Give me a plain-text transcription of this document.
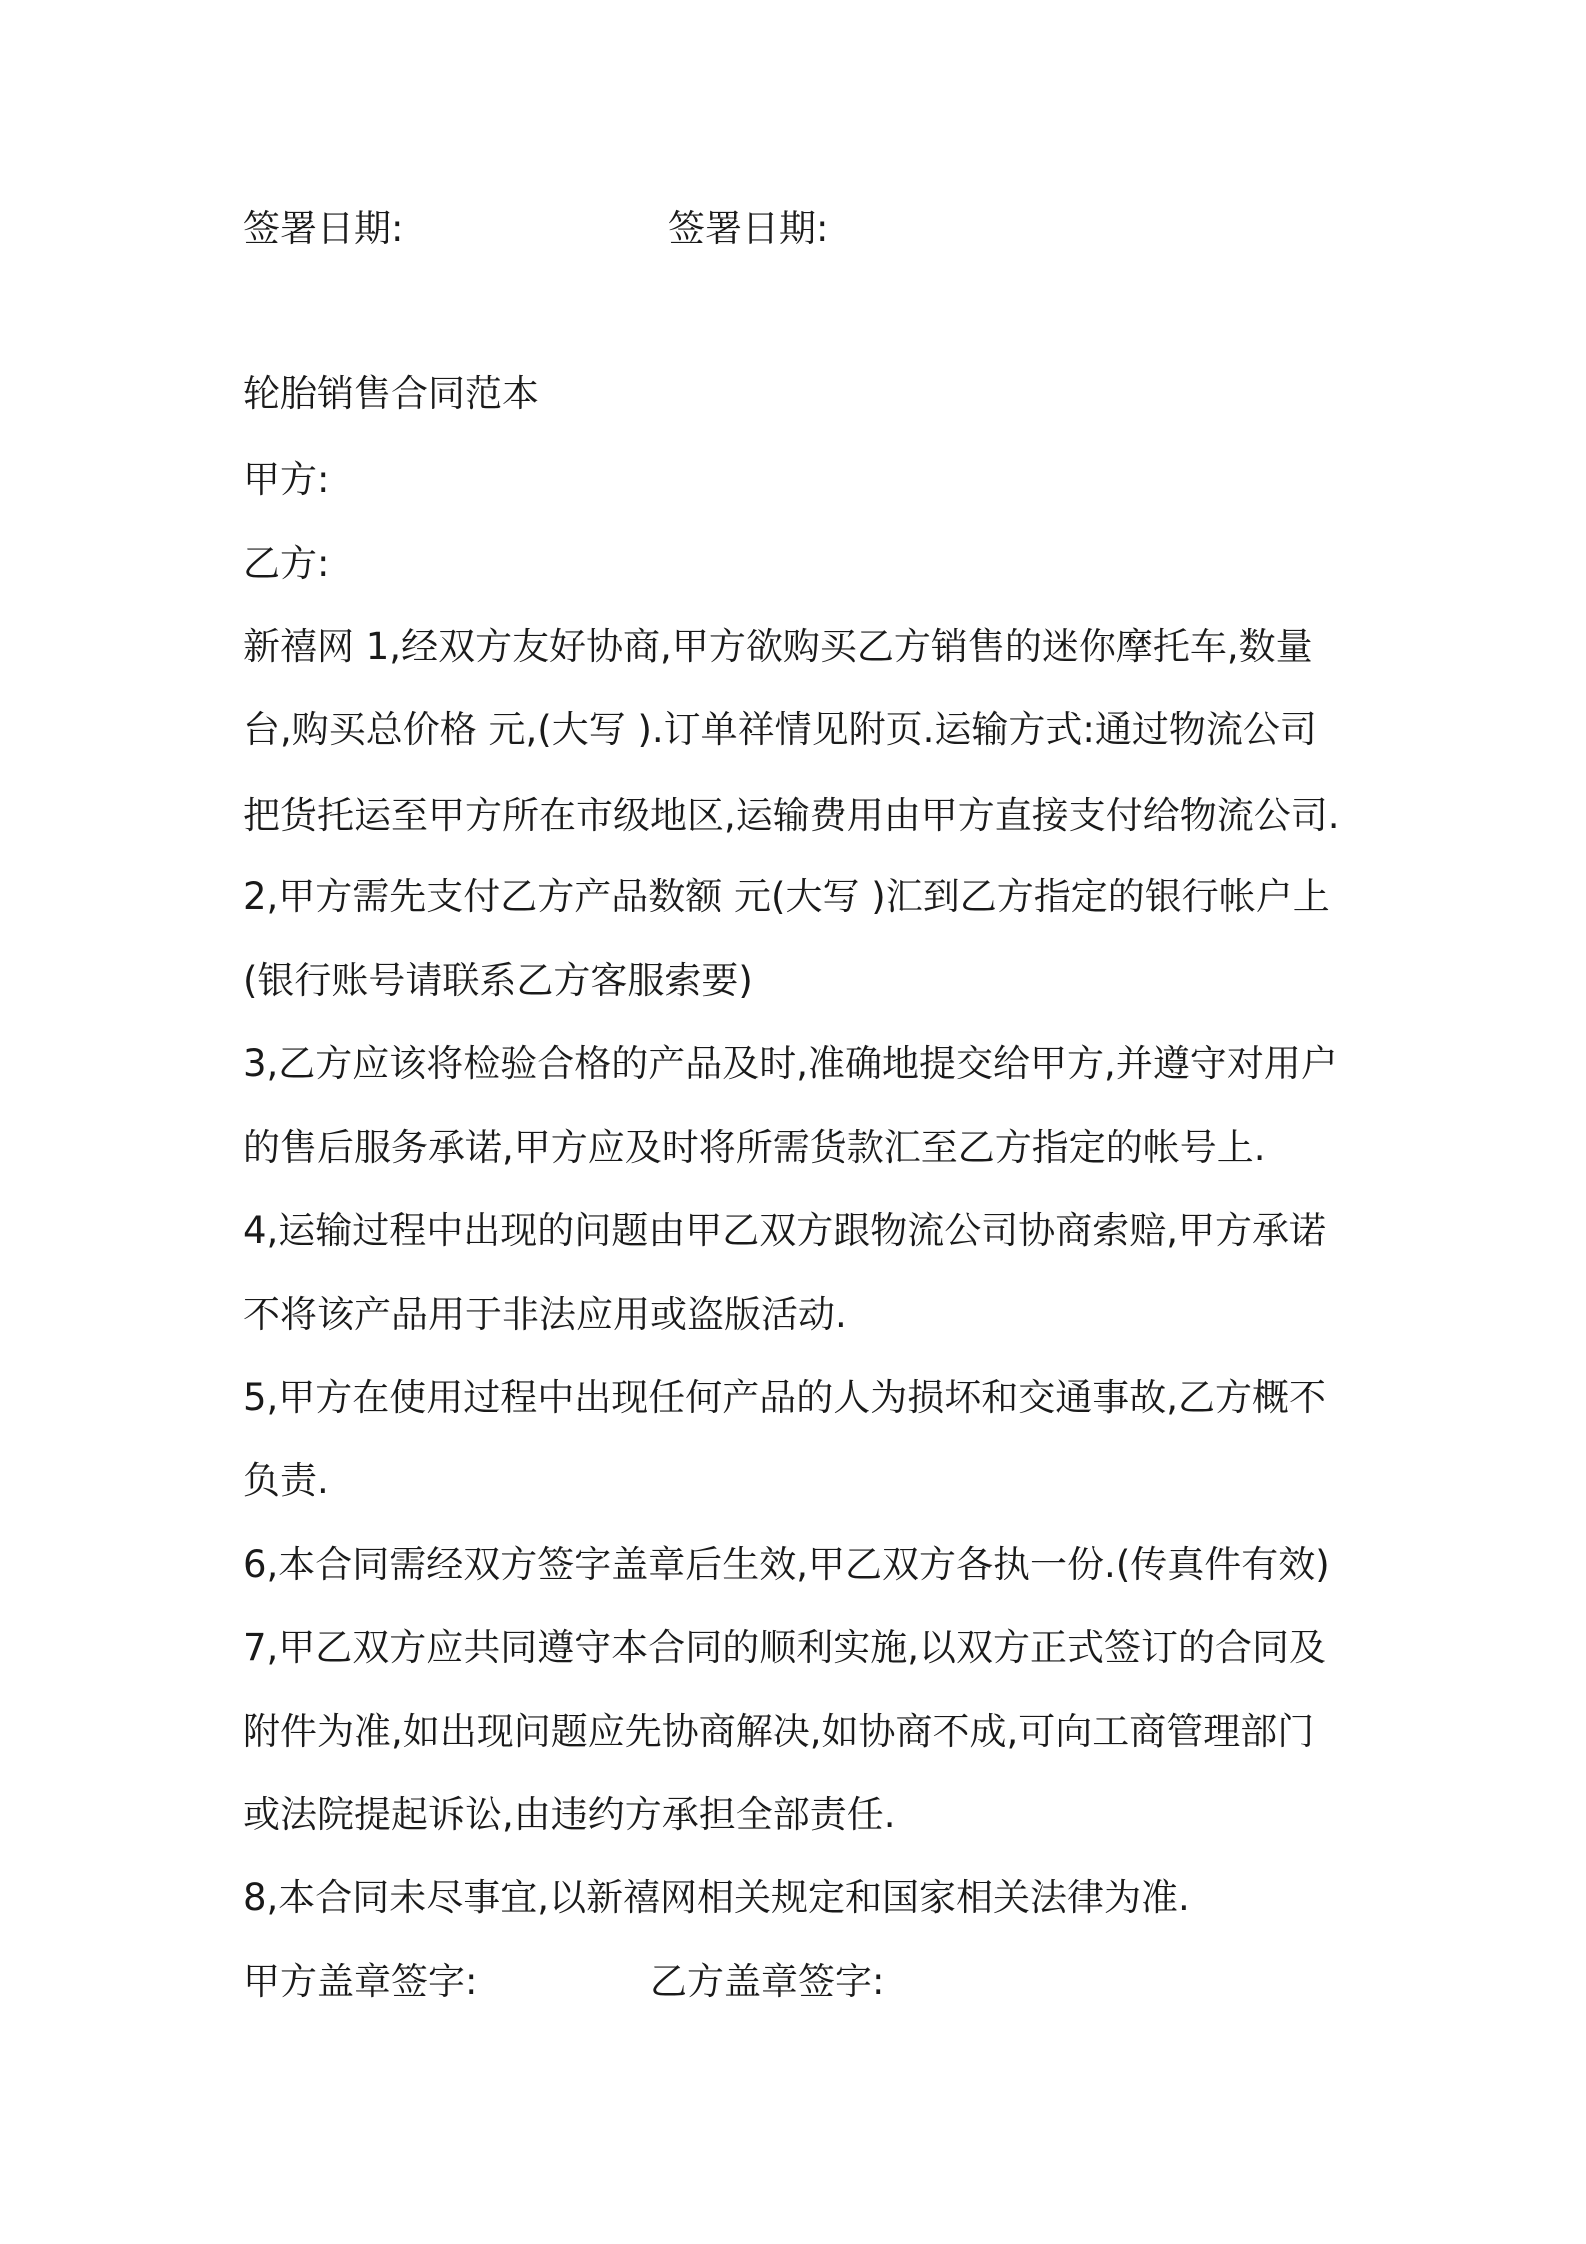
签署日期:	签署日期:
轮胎销售合同范本
甲方:
乙方:
新禧网 1,经双方友好协商,甲方欲购买乙方销售的迷你摩托车,数量
台,购买总价格 元,(大写 ).订单祥情见附页.运输方式:通过物流公司
把货托运至甲方所在市级地区,运输费用由甲方直接支付给物流公司.
2,甲方需先支付乙方产品数额 元(大写 )汇到乙方指定的银行帐户上
(银行账号请联系乙方客服索要)
3,乙方应该将检验合格的产品及时,准确地提交给甲方,并遵守对用户
的售后服务承诺,甲方应及时将所需货款汇至乙方指定的帐号上.
4,运输过程中出现的问题由甲乙双方跟物流公司协商索赔,甲方承诺
不将该产品用于非法应用或盗版活动.
5,甲方在使用过程中出现任何产品的人为损坏和交通事故,乙方概不
负责.
6,本合同需经双方签字盖章后生效,甲乙双方各执一份.(传真件有效)
7,甲乙双方应共同遵守本合同的顺利实施,以双方正式签订的合同及
附件为准,如出现问题应先协商解决,如协商不成,可向工商管理部门
或法院提起诉讼,由违约方承担全部责任.
8,本合同未尽事宜,以新禧网相关规定和国家相关法律为准.
甲方盖章签字:	乙方盖章签字:
